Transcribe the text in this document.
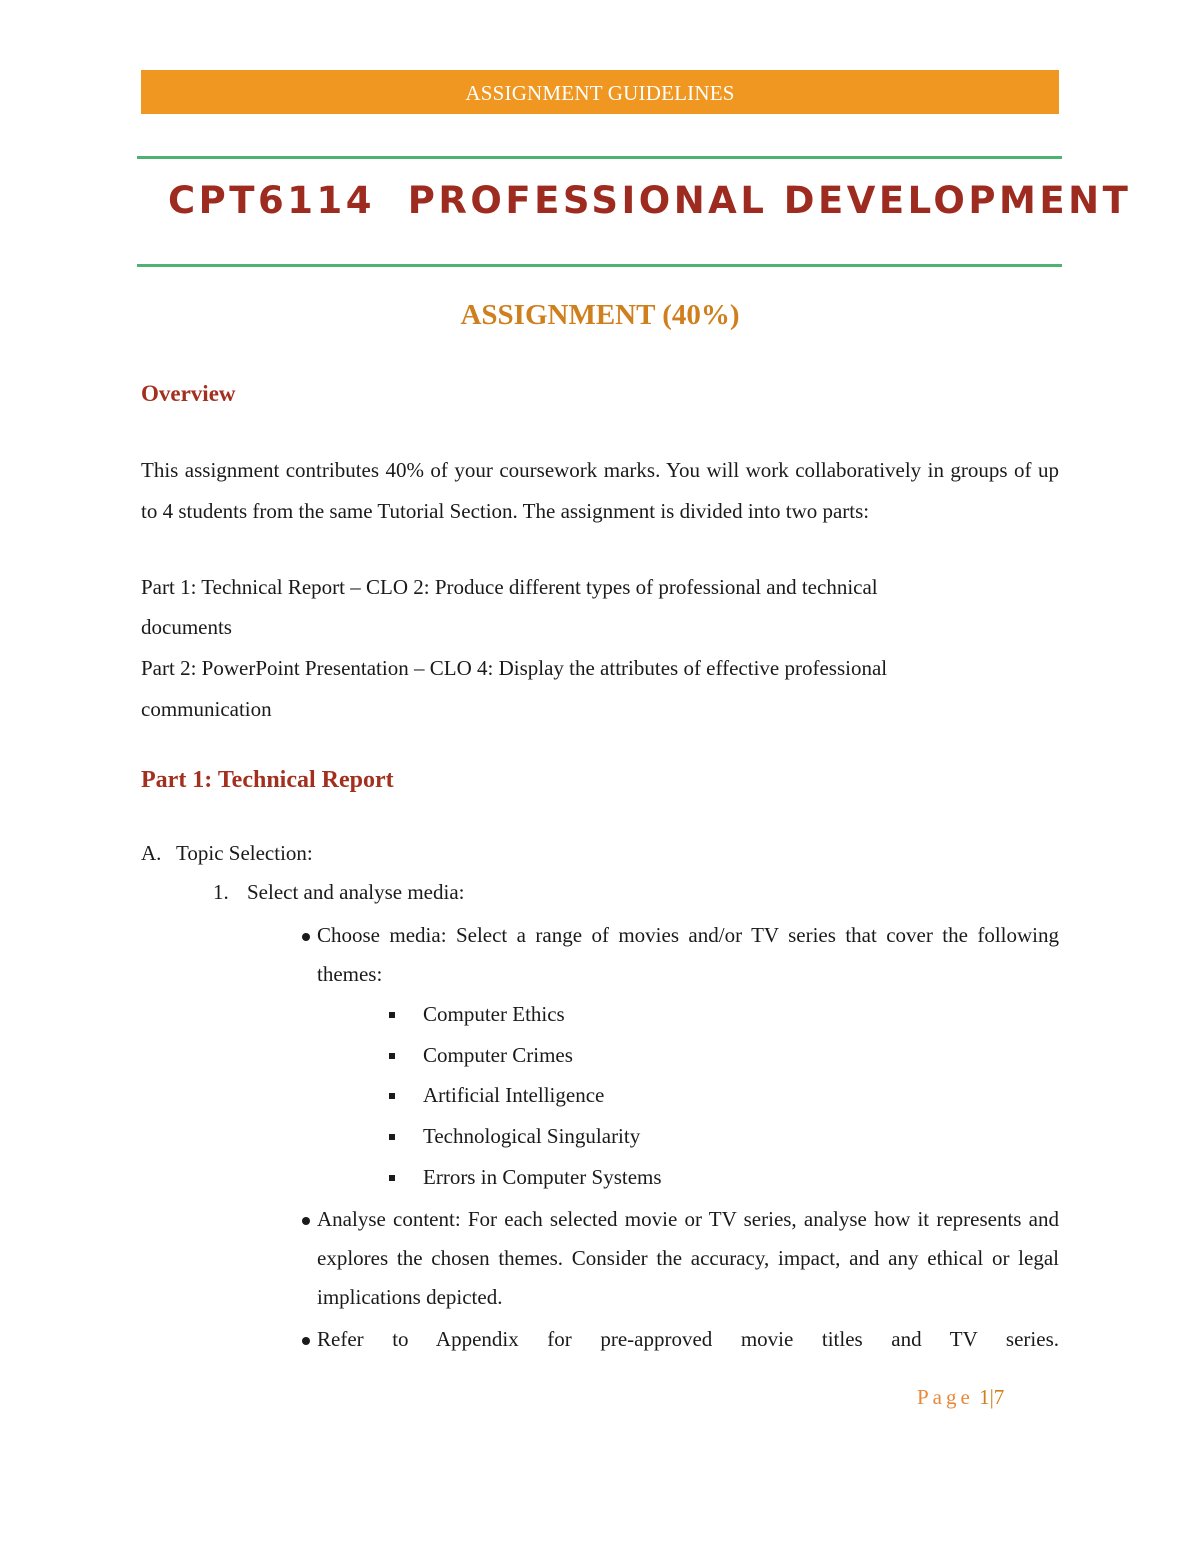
ASSIGNMENT GUIDELINES
CPT6114  PROFESSIONAL DEVELOPMENT
ASSIGNMENT (40%)
Overview

This assignment contributes 40% of your coursework marks. You will work collaboratively in groups of up to 4 students from the same Tutorial Section. The assignment is divided into two parts:

Part 1: Technical Report – CLO 2: Produce different types of professional and technical
documents
Part 2: PowerPoint Presentation – CLO 4: Display the attributes of effective professional
communication
Part 1: Technical Report
A. Topic Selection:
1. Select and analyse media:

Choose media: Select a range of movies and/or TV series that cover the following themes:

Computer Ethics
Computer Crimes
Artificial Intelligence
Technological Singularity
Errors in Computer Systems

Analyse content: For each selected movie or TV series, analyse how it represents and explores the chosen themes. Consider the accuracy, impact, and any ethical or legal implications depicted.

Refer to Appendix for pre-approved movie titles and TV series.

Page 1|7
